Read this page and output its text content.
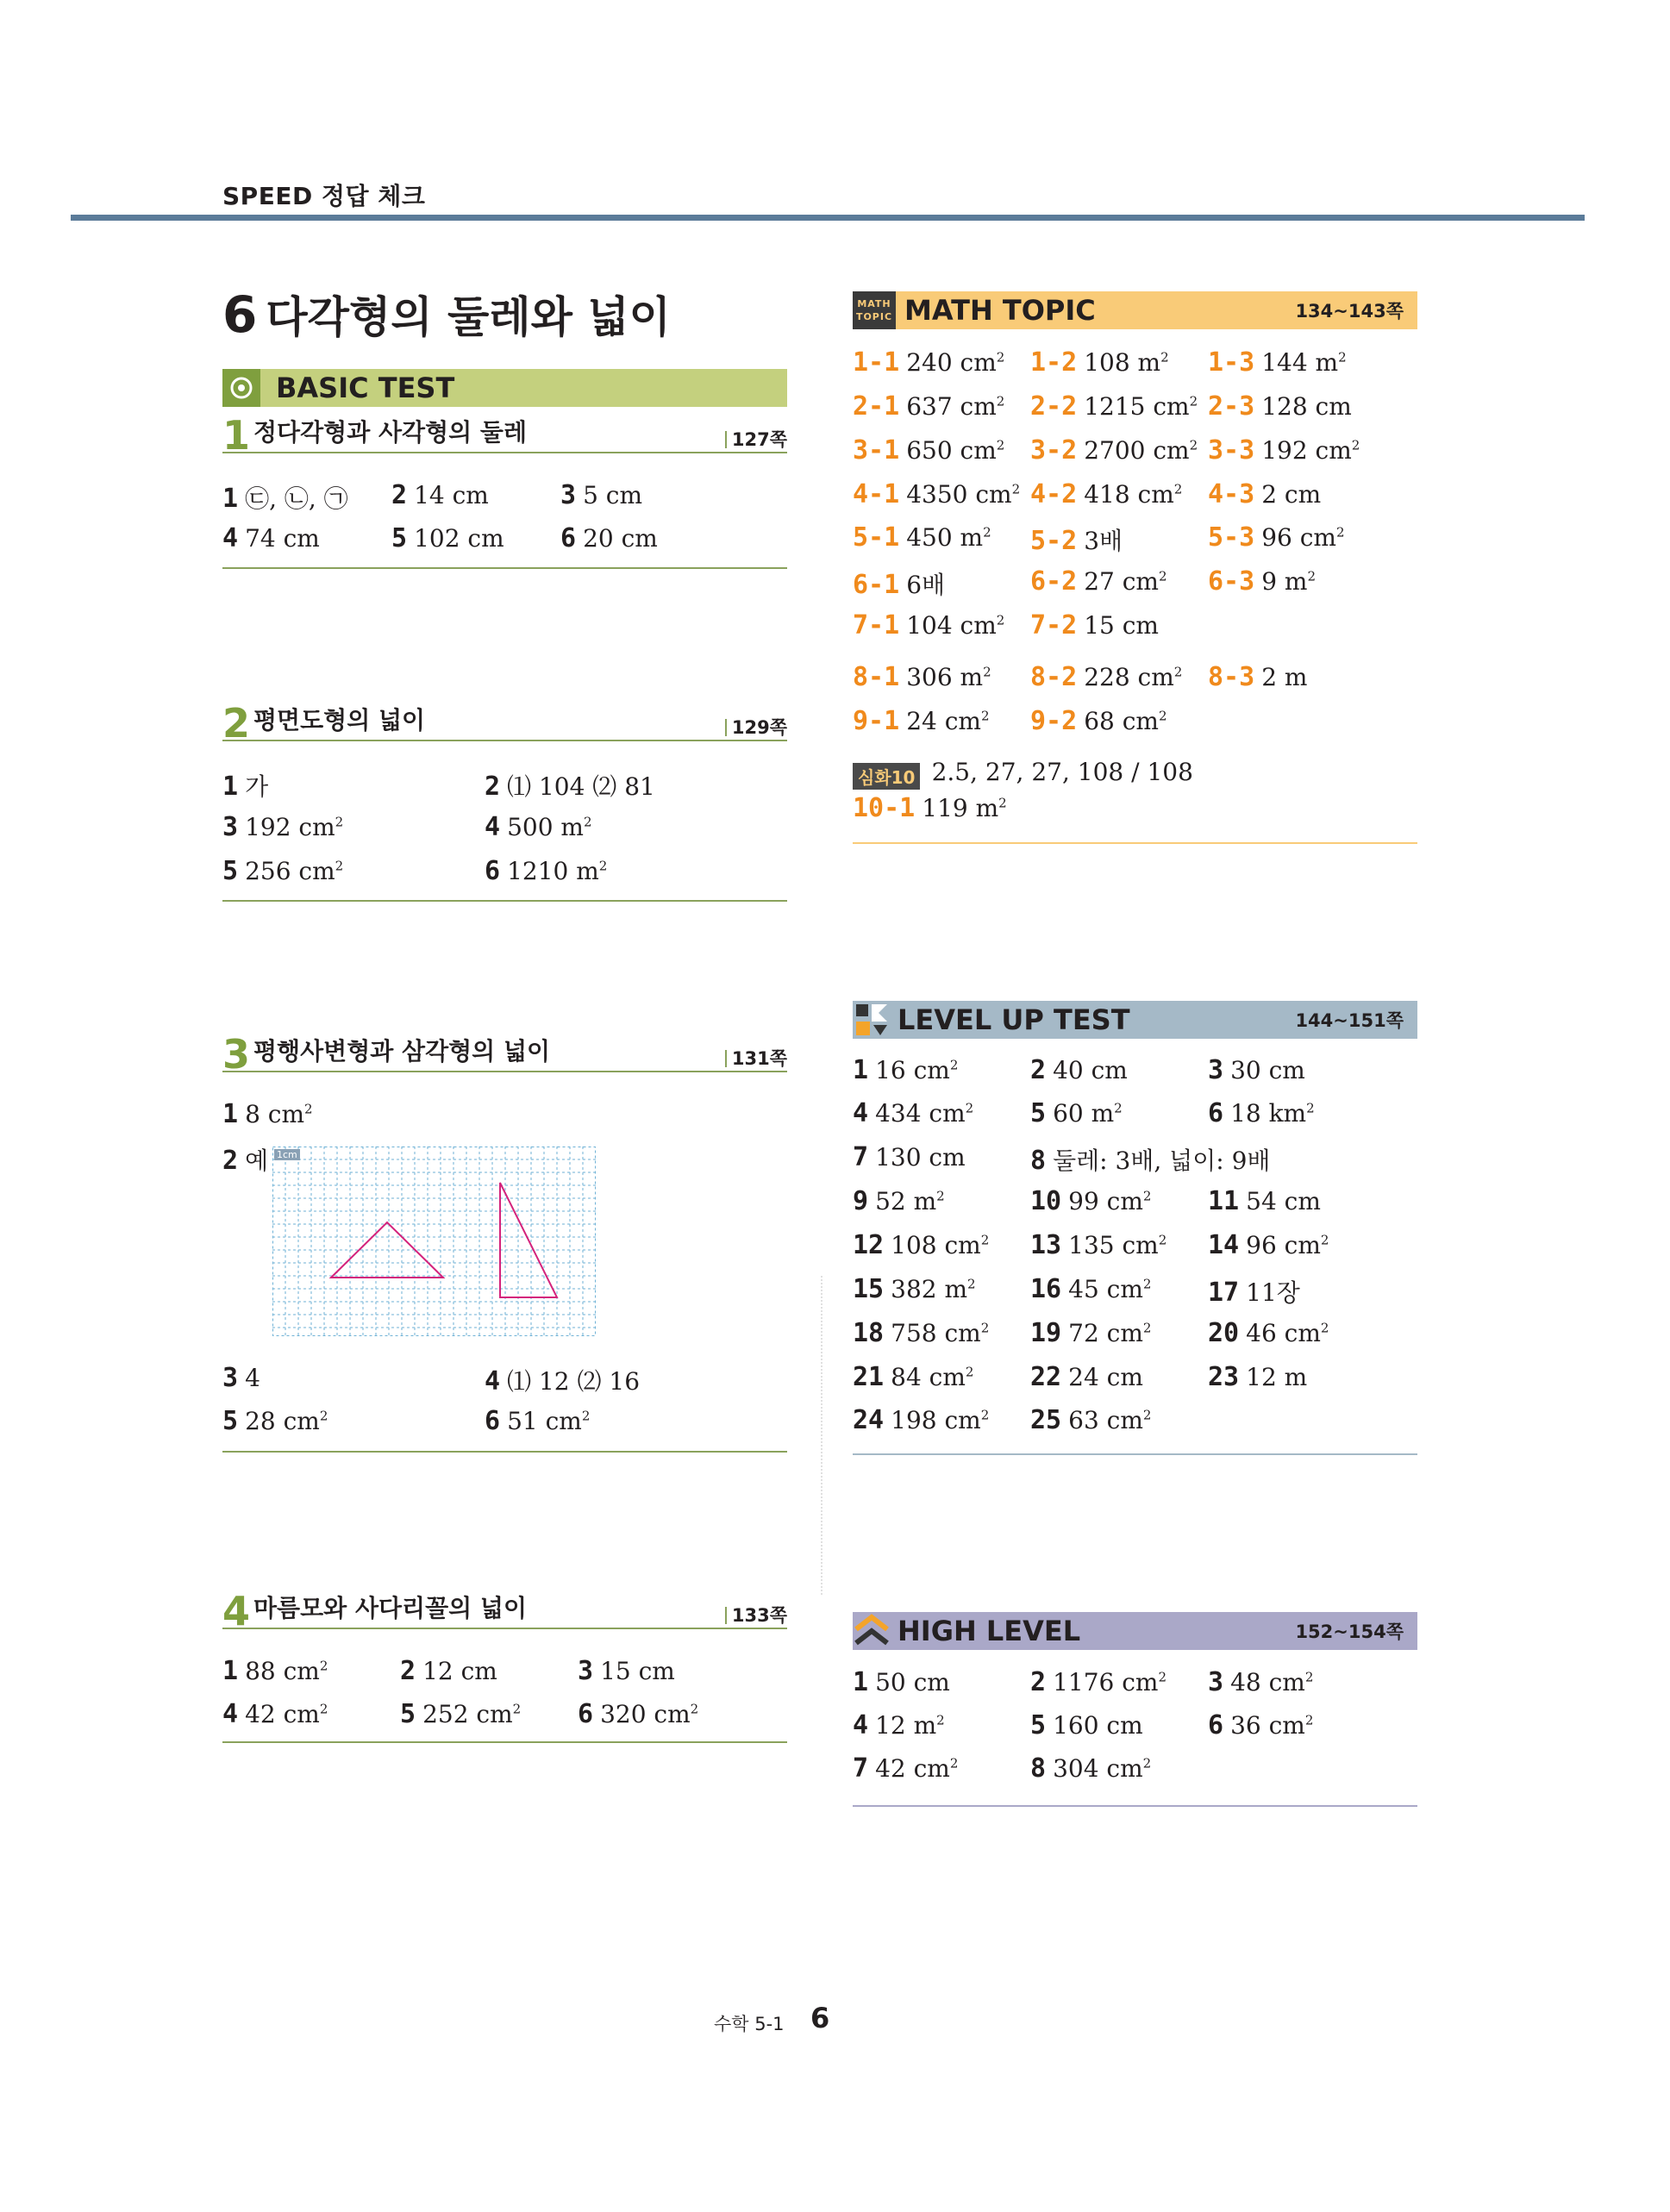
SPEED 정답 체크
6 다각형의 둘레와 넓이
BASIC TEST
1 정다각형과 사각형의 둘레	127쪽
1 ㉢, ㉡, ㉠ 2 14 cm	3 5 cm
4 74 cm	5 102 cm 6 20 cm
2 평면도형의 넓이	129쪽
1 가	2 ⑴ 104 ⑵ 81
3 192 $cm^2$	4 500 $m^2$
5 256 $cm^2$	6 1210 $m^2$
3 평행사변형과 삼각형의 넓이	131쪽
1 8 $cm^2$
2 예
3 4	4 ⑴ 12 ⑵ 16
5 28 $cm^2$	6 51 $cm^2$
4 마름모와 사다리꼴의 넓이	133쪽
1 88 $cm^2$	2 12 cm	3 15 cm
4 42 $cm^2$	5 252 $cm^2$ 6 320 $cm^2$
1cm
MATH TOPIC MATH TOPIC	134~143쪽
1-1 240 $cm^2$ 1-2 108 $m^2$ 1-3 144 $m^2$
2-1 637 $cm^2$ 2-2 1215 $cm^2$ 2-3 128 cm
3-1 650 $cm^2$ 3-2 2700 $cm^2$ 3-3 192 $cm^2$
4-1 4350 $cm^2$ 4-2 418 $cm^2$ 4-3 2 cm
5-1 450 $m^2$ 5-2 3배	5-3 96 $cm^2$
6-1 6배	6-2 27 $cm^2$ 6-3 9 $m^2$
7-1 104 $cm^2$ 7-2 15 cm
8-1 306 $m^2$ 8-2 228 $cm^2$ 8-3 2 m
9-1 24 $cm^2$ 9-2 68 $cm^2$
심화10 2.5, 27, 27, 108 / 108
10-1 119 $m^2$
LEVEL UP TEST	144~151쪽
1 16 $cm^2$	2 40 cm	3 30 cm
4 434 $cm^2$ 5 60 $m^2$	6 18 $km^2$
7 130 cm	8 둘레: 3배, 넓이: 9배
9 52 $m^2$	10 99 $cm^2$ 11 54 cm
12 108 $cm^2$ 13 135 $cm^2$ 14 96 $cm^2$
15 382 $m^2$ 16 45 $cm^2$ 17 11장
18 758 $cm^2$ 19 72 $cm^2$ 20 46 $cm^2$
21 84 $cm^2$ 22 24 cm	23 12 m
24 198 $cm^2$ 25 63 $cm^2$
HIGH LEVEL	152~154쪽
1 50 cm	2 1176 $cm^2$ 3 48 $cm^2$
4 12 $m^2$	5 160 cm	6 36 $cm^2$
7 42 $cm^2$	8 304 $cm^2$
수학 5-1 6
